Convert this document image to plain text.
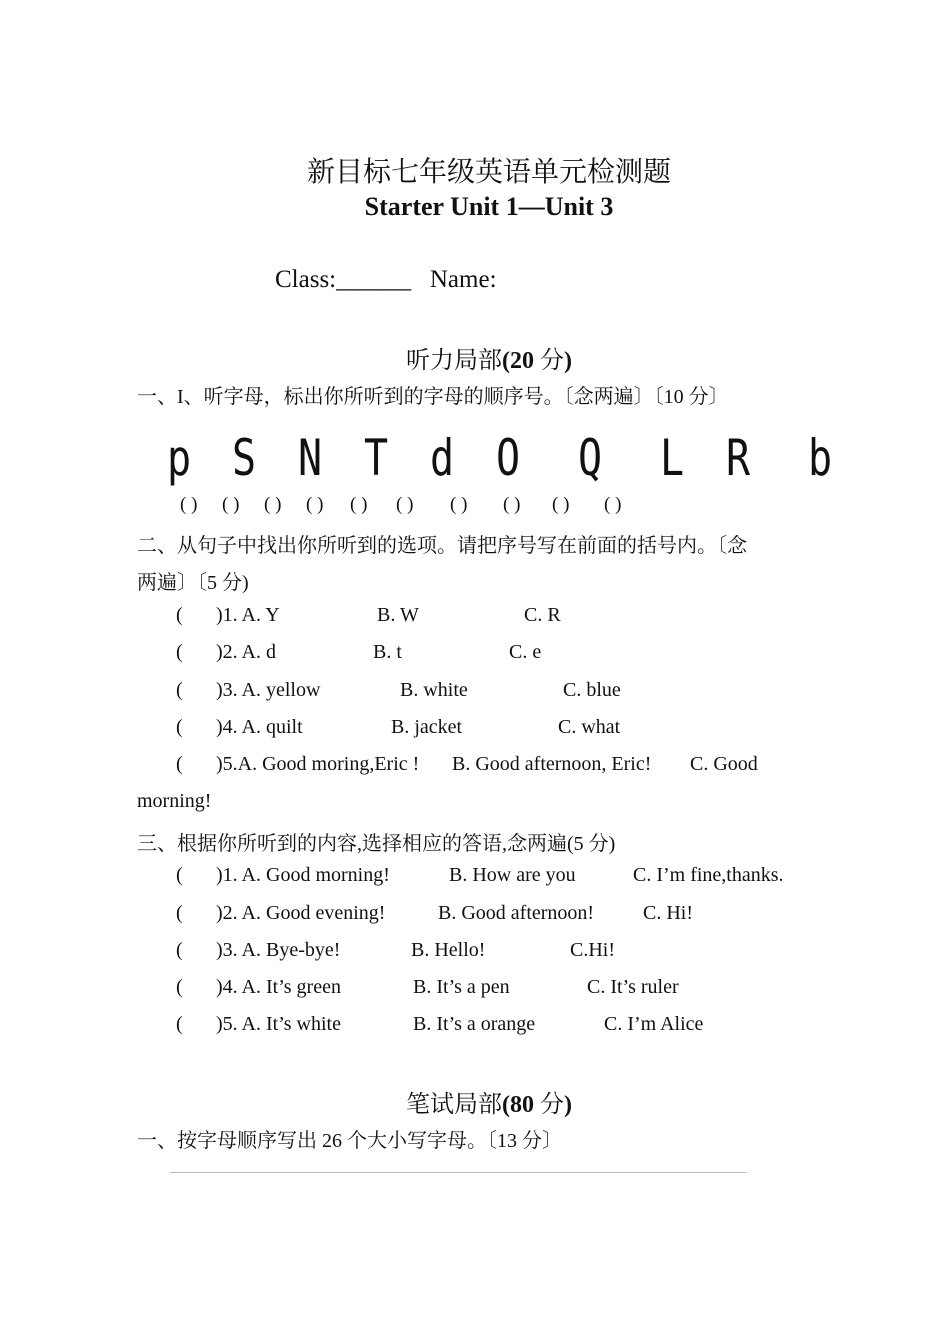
新目标七年级英语单元检测题
Starter Unit 1—Unit 3
Class:______ Name:
听力局部(20 分)
一、I、听字母，标出你所听到的字母的顺序号。〔念两遍〕〔10 分〕
p S N T d O Q L R b
( ) ( ) ( ) ( ) ( ) ( ) ( ) ( ) ( ) ( )
二、从句子中找出你所听到的选项。请把序号写在前面的括号内。〔念
两遍〕〔5 分)
( )1. A. Y	B. W	C. R
( )2. A. d	B. t	C. e
( )3. A. yellow	B. white	C. blue
( )4. A. quilt	B. jacket	C. what
( )5.A. Good moring,Eric ! B. Good afternoon, Eric! C. Good
morning!
三、根据你所听到的内容,选择相应的答语,念两遍(5 分)
( )1. A. Good morning!	B. How are you	C. I’m fine,thanks.
( )2. A. Good evening!	B. Good afternoon! C. Hi!
( )3. A. Bye-bye!	B. Hello!	C.Hi!
( )4. A. It’s green	B. It’s a pen	C. It’s ruler
( )5. A. It’s white	B. It’s a orange	C. I’m Alice
笔试局部(80 分)
一、按字母顺序写出 26 个大小写字母。〔13 分〕
